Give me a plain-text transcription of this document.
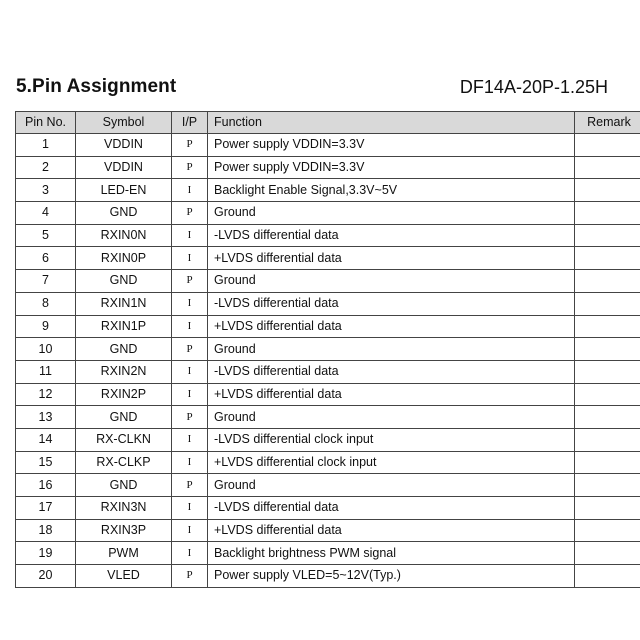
5.Pin Assignment	DF14A-20P-1.25H
Pin No.	Symbol	I/P	Function	Remark
1	VDDIN	P	Power supply VDDIN=3.3V	
2	VDDIN	P	Power supply VDDIN=3.3V	
3	LED-EN	I	Backlight Enable Signal,3.3V~5V	
4	GND	P	Ground	
5	RXIN0N	I	-LVDS differential data	
6	RXIN0P	I	+LVDS differential data	
7	GND	P	Ground	
8	RXIN1N	I	-LVDS differential data	
9	RXIN1P	I	+LVDS differential data	
10	GND	P	Ground	
11	RXIN2N	I	-LVDS differential data	
12	RXIN2P	I	+LVDS differential data	
13	GND	P	Ground	
14	RX-CLKN	I	-LVDS differential clock input	
15	RX-CLKP	I	+LVDS differential clock input	
16	GND	P	Ground	
17	RXIN3N	I	-LVDS differential data	
18	RXIN3P	I	+LVDS differential data	
19	PWM	I	Backlight brightness PWM signal	
20	VLED	P	Power supply VLED=5~12V(Typ.)	
